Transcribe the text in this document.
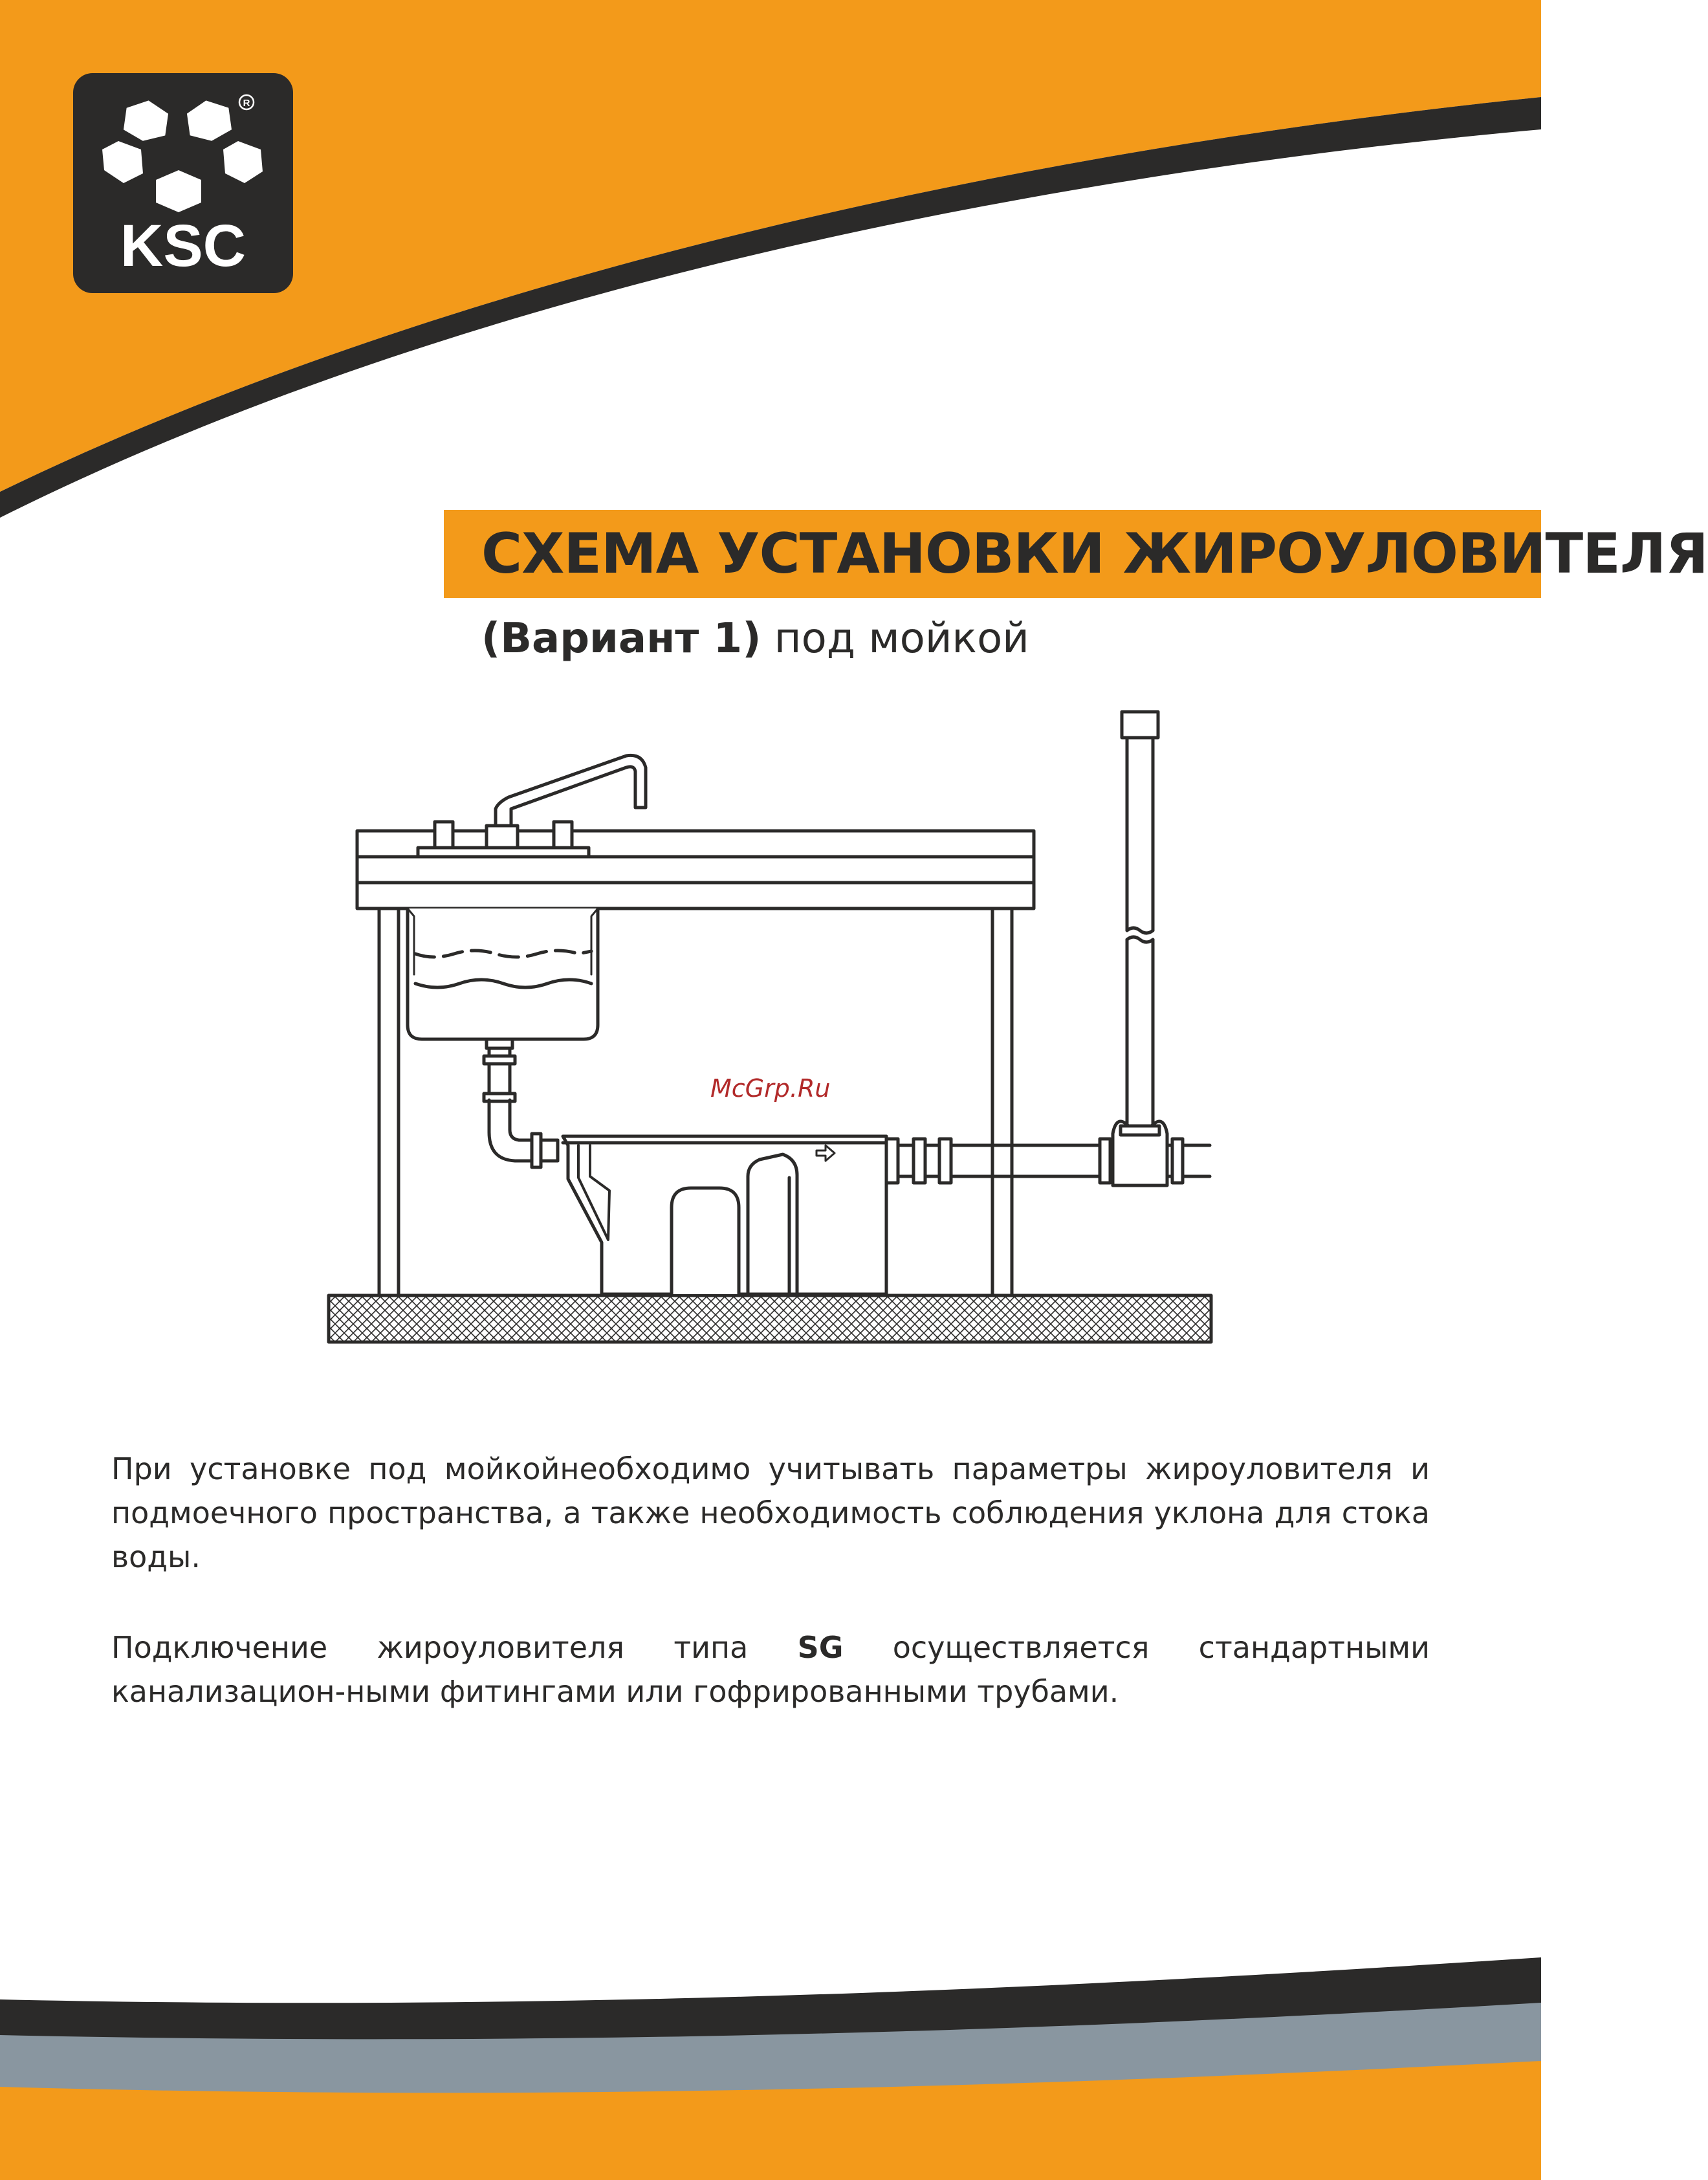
KSC
R
СХЕМА УСТАНОВКИ ЖИРОУЛОВИТЕЛЯ
(Вариант 1) под мойкой
McGrp.Ru
При установке под мойкойнеобходимо учитывать параметры жироуловителя и подмоечного пространства, а также необходимость соблюдения уклона для стока воды.
Подключение жироуловителя типа SG осуществляется стандартными канализацион-ными фитингами или гофрированными трубами.
